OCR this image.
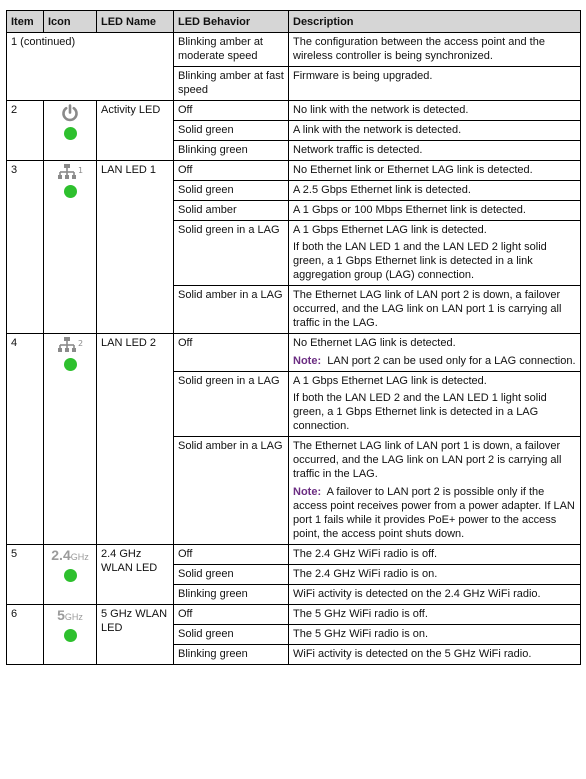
Item	Icon	LED Name	LED Behavior	Description
1 (continued)			Blinking amber at moderate speed	The configuration between the access point and the wireless controller is being synchronized.
			Blinking amber at fast speed	Firmware is being upgraded.
2		Activity LED	Off	No link with the network is detected.
			Solid green	A link with the network is detected.
			Blinking green	Network traffic is detected.
3	1	LAN LED 1	Off	No Ethernet link or Ethernet LAG link is detected.
			Solid green	A 2.5 Gbps Ethernet link is detected.
			Solid amber	A 1 Gbps or 100 Mbps Ethernet link is detected.
			Solid green in a LAG	A 1 Gbps Ethernet LAG link is detected.
If both the LAN LED 1 and the LAN LED 2 light solid green, a 1 Gbps Ethernet link is detected in a link aggregation group (LAG) connection.

			Solid amber in a LAG	The Ethernet LAG link of LAN port 2 is down, a failover occurred, and the LAG link on LAN port 1 is carrying all traffic in the LAG.
4	2	LAN LED 2	Off	No Ethernet LAG link is detected.
Note: LAN port 2 can be used only for a LAG connection.

			Solid green in a LAG	A 1 Gbps Ethernet LAG link is detected.
If both the LAN LED 2 and the LAN LED 1 light solid green, a 1 Gbps Ethernet link is detected in a LAG connection.

			Solid amber in a LAG	The Ethernet LAG link of LAN port 1 is down, a failover occurred, and the LAG link on LAN port 2 is carrying all traffic in the LAG.
Note: A failover to LAN port 2 is possible only if the access point receives power from a power adapter. If LAN port 1 fails while it provides PoE+ power to the access point, the access point shuts down.

5	2.4GHz	2.4 GHz WLAN LED	Off	The 2.4 GHz WiFi radio is off.
			Solid green	The 2.4 GHz WiFi radio is on.
			Blinking green	WiFi activity is detected on the 2.4 GHz WiFi radio.
6	5GHz	5 GHz WLAN LED	Off	The 5 GHz WiFi radio is off.
			Solid green	The 5 GHz WiFi radio is on.
			Blinking green	WiFi activity is detected on the 5 GHz WiFi radio.
